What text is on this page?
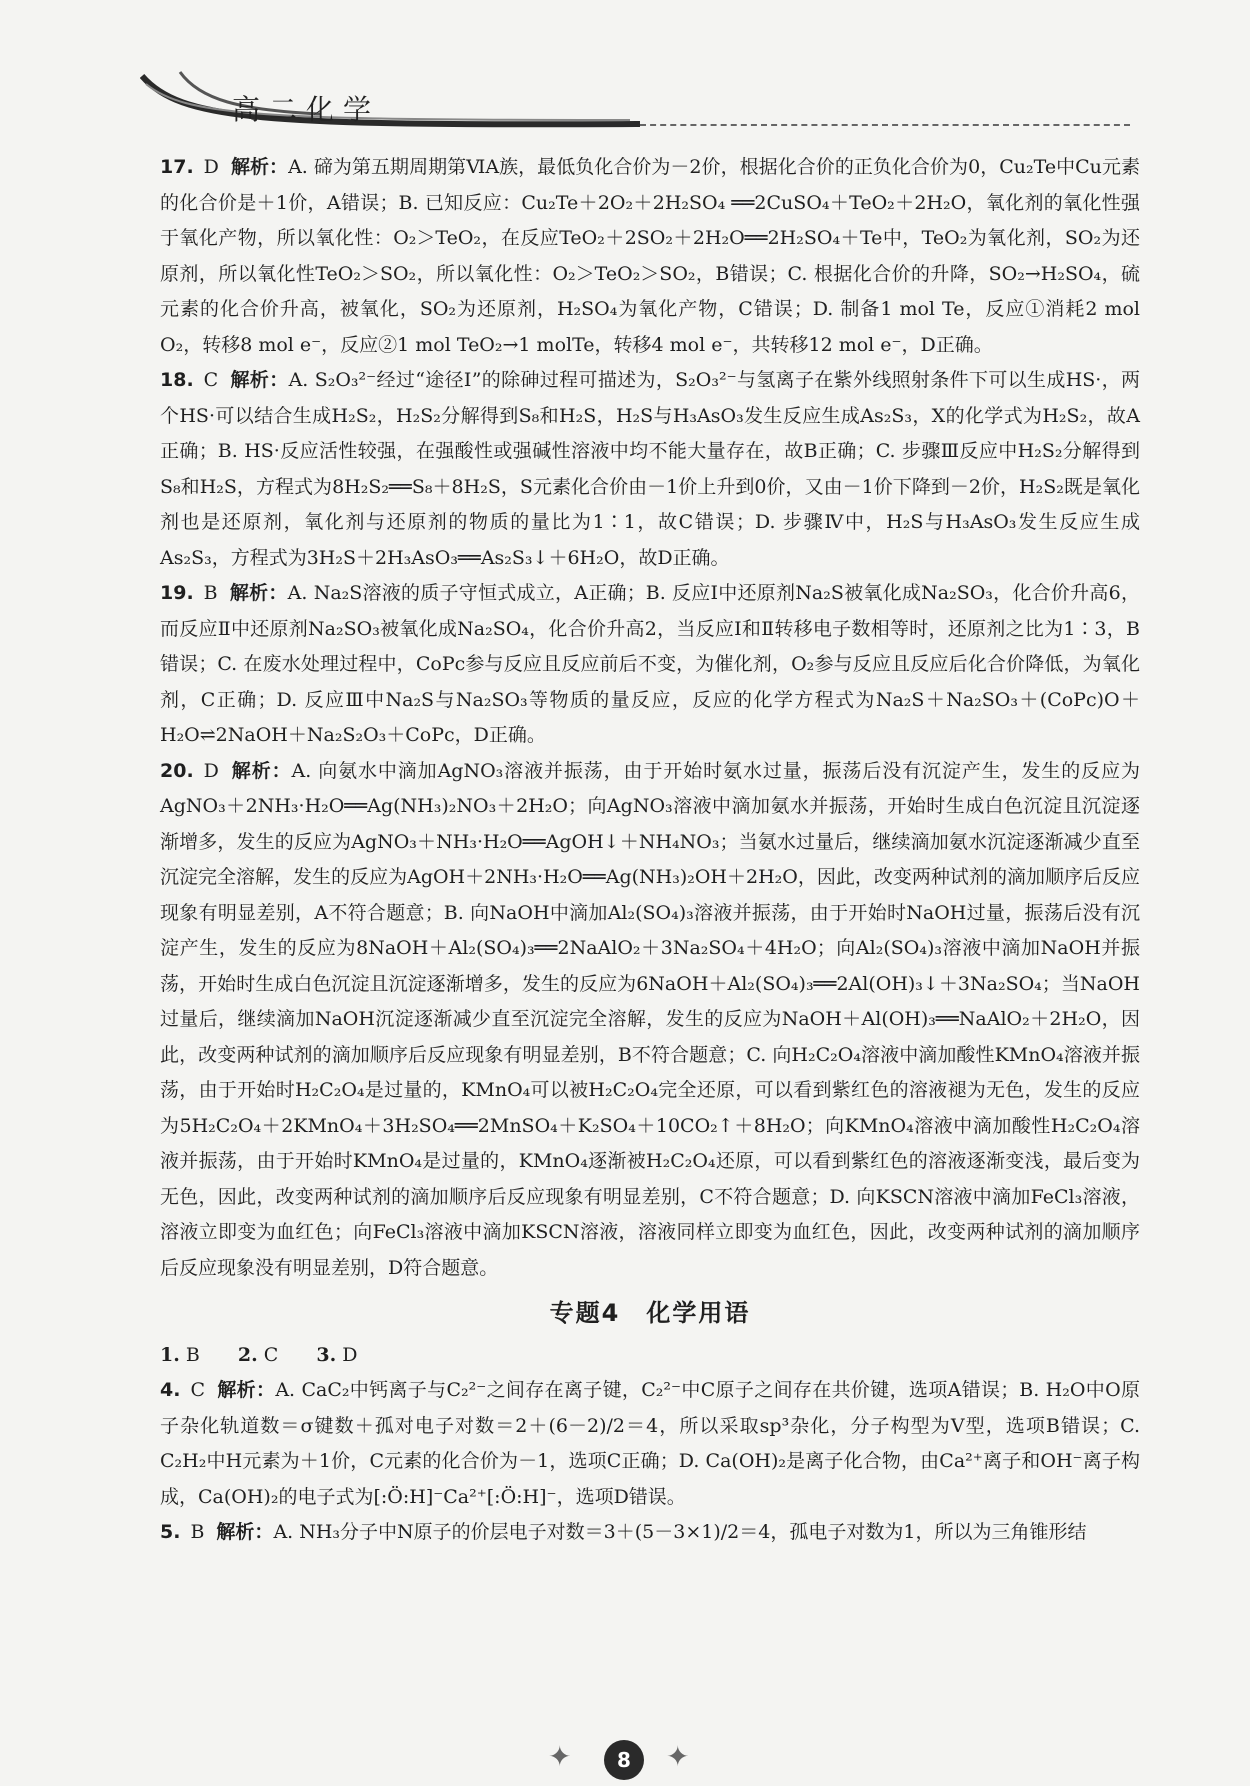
高二化学
17. D 解析：A. 碲为第五期周期第ⅥA族，最低负化合价为－2价，根据化合价的正负化合价为0，Cu₂Te中Cu元素的化合价是＋1价，A错误；B. 已知反应：Cu₂Te＋2O₂＋2H₂SO₄ ══2CuSO₄＋TeO₂＋2H₂O，氧化剂的氧化性强于氧化产物，所以氧化性：O₂＞TeO₂，在反应TeO₂＋2SO₂＋2H₂O══2H₂SO₄＋Te中，TeO₂为氧化剂，SO₂为还原剂，所以氧化性TeO₂＞SO₂，所以氧化性：O₂＞TeO₂＞SO₂，B错误；C. 根据化合价的升降，SO₂→H₂SO₄，硫元素的化合价升高，被氧化，SO₂为还原剂，H₂SO₄为氧化产物，C错误；D. 制备1 mol Te，反应①消耗2 mol O₂，转移8 mol e⁻，反应②1 mol TeO₂→1 molTe，转移4 mol e⁻，共转移12 mol e⁻，D正确。
18. C 解析：A. S₂O₃²⁻经过“途径Ⅰ”的除砷过程可描述为，S₂O₃²⁻与氢离子在紫外线照射条件下可以生成HS·，两个HS·可以结合生成H₂S₂，H₂S₂分解得到S₈和H₂S，H₂S与H₃AsO₃发生反应生成As₂S₃，X的化学式为H₂S₂，故A正确；B. HS·反应活性较强，在强酸性或强碱性溶液中均不能大量存在，故B正确；C. 步骤Ⅲ反应中H₂S₂分解得到S₈和H₂S，方程式为8H₂S₂══S₈＋8H₂S，S元素化合价由－1价上升到0价，又由－1价下降到－2价，H₂S₂既是氧化剂也是还原剂，氧化剂与还原剂的物质的量比为1∶1，故C错误；D. 步骤Ⅳ中，H₂S与H₃AsO₃发生反应生成As₂S₃，方程式为3H₂S＋2H₃AsO₃══As₂S₃↓＋6H₂O，故D正确。
19. B 解析：A. Na₂S溶液的质子守恒式成立，A正确；B. 反应Ⅰ中还原剂Na₂S被氧化成Na₂SO₃，化合价升高6，而反应Ⅱ中还原剂Na₂SO₃被氧化成Na₂SO₄，化合价升高2，当反应Ⅰ和Ⅱ转移电子数相等时，还原剂之比为1∶3，B错误；C. 在废水处理过程中，CoPc参与反应且反应前后不变，为催化剂，O₂参与反应且反应后化合价降低，为氧化剂，C正确；D. 反应Ⅲ中Na₂S与Na₂SO₃等物质的量反应，反应的化学方程式为Na₂S＋Na₂SO₃＋(CoPc)O＋H₂O⇌2NaOH＋Na₂S₂O₃＋CoPc，D正确。
20. D 解析：A. 向氨水中滴加AgNO₃溶液并振荡，由于开始时氨水过量，振荡后没有沉淀产生，发生的反应为AgNO₃＋2NH₃·H₂O══Ag(NH₃)₂NO₃＋2H₂O；向AgNO₃溶液中滴加氨水并振荡，开始时生成白色沉淀且沉淀逐渐增多，发生的反应为AgNO₃＋NH₃·H₂O══AgOH↓＋NH₄NO₃；当氨水过量后，继续滴加氨水沉淀逐渐减少直至沉淀完全溶解，发生的反应为AgOH＋2NH₃·H₂O══Ag(NH₃)₂OH＋2H₂O，因此，改变两种试剂的滴加顺序后反应现象有明显差别，A不符合题意；B. 向NaOH中滴加Al₂(SO₄)₃溶液并振荡，由于开始时NaOH过量，振荡后没有沉淀产生，发生的反应为8NaOH＋Al₂(SO₄)₃══2NaAlO₂＋3Na₂SO₄＋4H₂O；向Al₂(SO₄)₃溶液中滴加NaOH并振荡，开始时生成白色沉淀且沉淀逐渐增多，发生的反应为6NaOH＋Al₂(SO₄)₃══2Al(OH)₃↓＋3Na₂SO₄；当NaOH过量后，继续滴加NaOH沉淀逐渐减少直至沉淀完全溶解，发生的反应为NaOH＋Al(OH)₃══NaAlO₂＋2H₂O，因此，改变两种试剂的滴加顺序后反应现象有明显差别，B不符合题意；C. 向H₂C₂O₄溶液中滴加酸性KMnO₄溶液并振荡，由于开始时H₂C₂O₄是过量的，KMnO₄可以被H₂C₂O₄完全还原，可以看到紫红色的溶液褪为无色，发生的反应为5H₂C₂O₄＋2KMnO₄＋3H₂SO₄══2MnSO₄＋K₂SO₄＋10CO₂↑＋8H₂O；向KMnO₄溶液中滴加酸性H₂C₂O₄溶液并振荡，由于开始时KMnO₄是过量的，KMnO₄逐渐被H₂C₂O₄还原，可以看到紫红色的溶液逐渐变浅，最后变为无色，因此，改变两种试剂的滴加顺序后反应现象有明显差别，C不符合题意；D. 向KSCN溶液中滴加FeCl₃溶液，溶液立即变为血红色；向FeCl₃溶液中滴加KSCN溶液，溶液同样立即变为血红色，因此，改变两种试剂的滴加顺序后反应现象没有明显差别，D符合题意。
专题4　化学用语
1. B 2. C 3. D
4. C 解析：A. CaC₂中钙离子与C₂²⁻之间存在离子键，C₂²⁻中C原子之间存在共价键，选项A错误；B. H₂O中O原子杂化轨道数＝σ键数＋孤对电子对数＝2＋(6－2)/2＝4，所以采取sp³杂化，分子构型为V型，选项B错误；C. C₂H₂中H元素为＋1价，C元素的化合价为－1，选项C正确；D. Ca(OH)₂是离子化合物，由Ca²⁺离子和OH⁻离子构成，Ca(OH)₂的电子式为[:Ö:H]⁻Ca²⁺[:Ö:H]⁻，选项D错误。
5. B 解析：A. NH₃分子中N原子的价层电子对数＝3＋(5－3×1)/2＝4，孤电子对数为1，所以为三角锥形结
✦	8	✦
